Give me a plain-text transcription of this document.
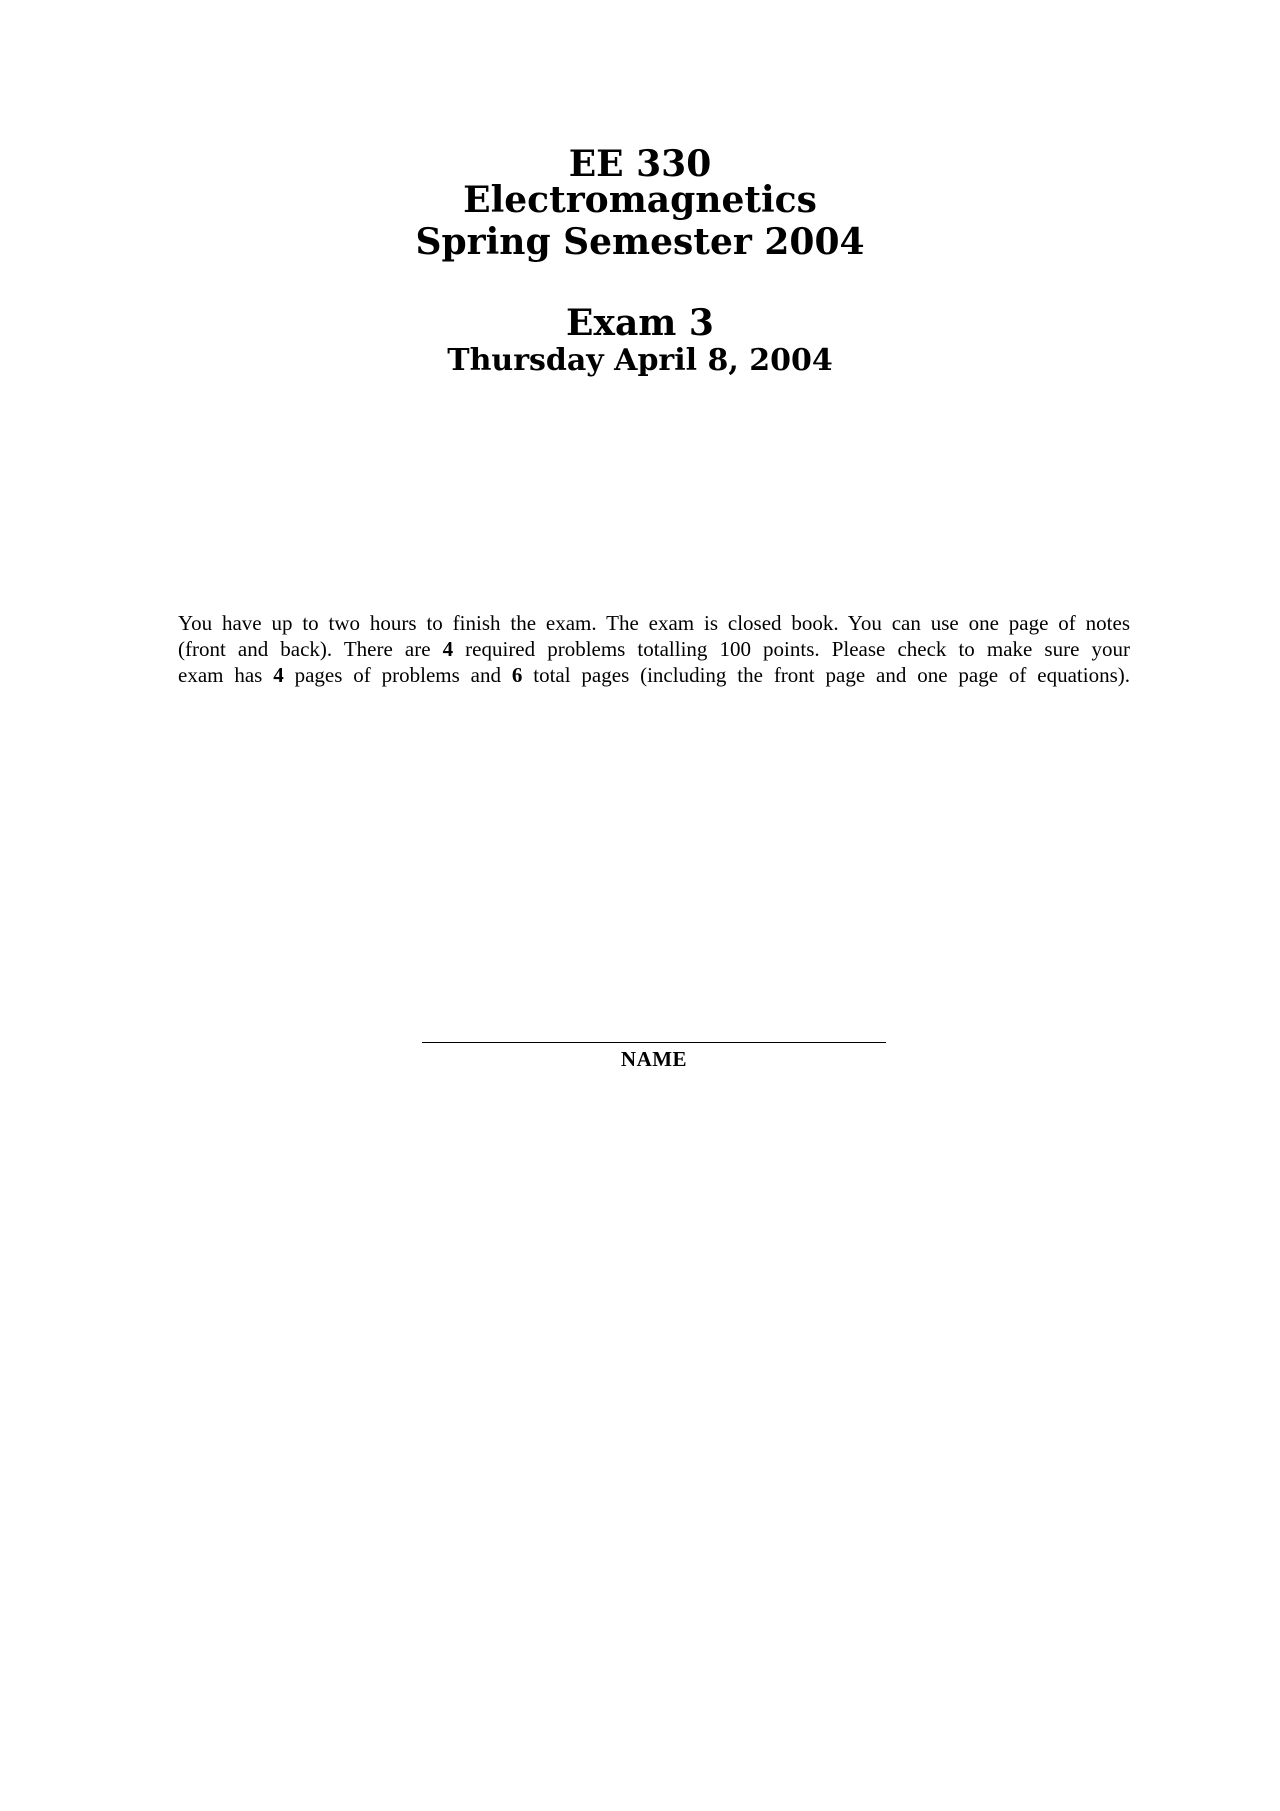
EE 330
Electromagnetics
Spring Semester 2004
Exam 3
Thursday April 8, 2004
You have up to two hours to finish the exam. The exam is closed book. You can use one page of notes
(front and back). There are 4 required problems totalling 100 points. Please check to make sure your
exam has 4 pages of problems and 6 total pages (including the front page and one page of equations).
NAME
